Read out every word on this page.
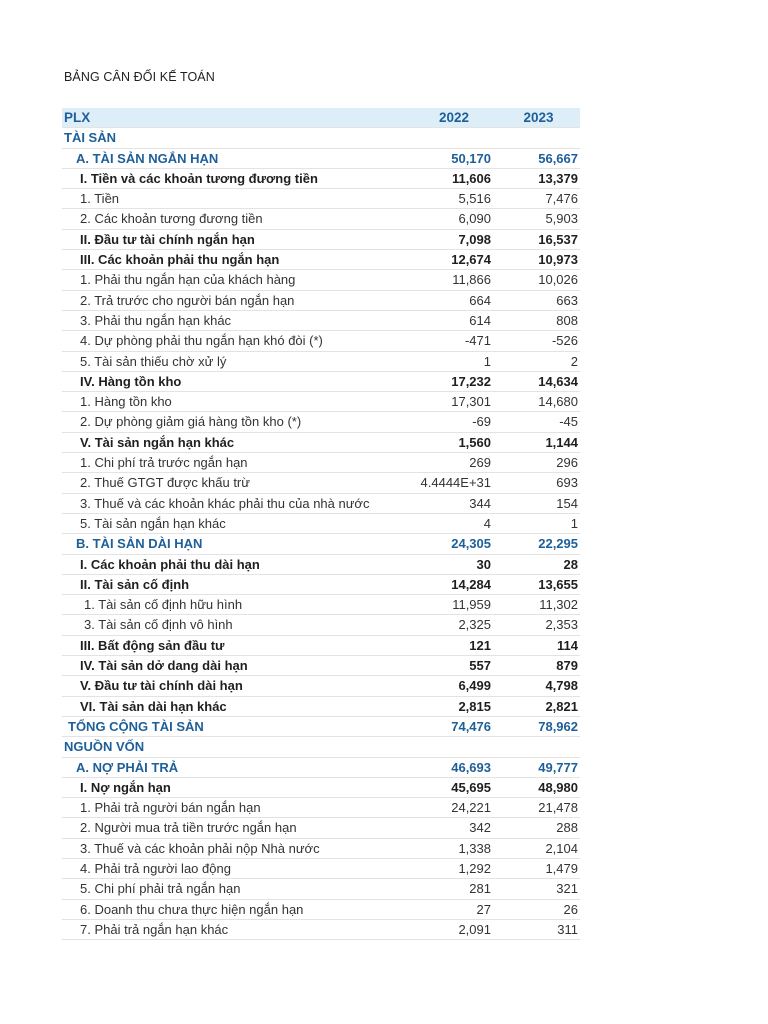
BẢNG CÂN ĐỐI KẾ TOÁN
PLX	2022	2023
TÀI SẢN
A. TÀI SẢN NGẮN HẠN	50,170	56,667
I. Tiền và các khoản tương đương tiền	11,606	13,379
1. Tiền	5,516	7,476
2. Các khoản tương đương tiền	6,090	5,903
II. Đầu tư tài chính ngắn hạn	7,098	16,537
III. Các khoản phải thu ngắn hạn	12,674	10,973
1. Phải thu ngắn hạn của khách hàng	11,866	10,026
2. Trả trước cho người bán ngắn hạn	664	663
3. Phải thu ngắn hạn khác	614	808
4. Dự phòng phải thu ngắn hạn khó đòi (*)	-471	-526
5. Tài sản thiếu chờ xử lý	1	2
IV. Hàng tồn kho	17,232	14,634
1. Hàng tồn kho	17,301	14,680
2. Dự phòng giảm giá hàng tồn kho (*)	-69	-45
V. Tài sản ngắn hạn khác	1,560	1,144
1. Chi phí trả trước ngắn hạn	269	296
2. Thuế GTGT được khấu trừ	4.4444E+31	693
3. Thuế và các khoản khác phải thu của nhà nước	344	154
5. Tài sản ngắn hạn khác	4	1
B. TÀI SẢN DÀI HẠN	24,305	22,295
I. Các khoản phải thu dài hạn	30	28
II. Tài sản cố định	14,284	13,655
1. Tài sản cố định hữu hình	11,959	11,302
3. Tài sản cố định vô hình	2,325	2,353
III. Bất động sản đầu tư	121	114
IV. Tài sản dở dang dài hạn	557	879
V. Đầu tư tài chính dài hạn	6,499	4,798
VI. Tài sản dài hạn khác	2,815	2,821
TỔNG CỘNG TÀI SẢN	74,476	78,962
NGUỒN VỐN
A. NỢ PHẢI TRẢ	46,693	49,777
I. Nợ ngắn hạn	45,695	48,980
1. Phải trả người bán ngắn hạn	24,221	21,478
2. Người mua trả tiền trước ngắn hạn	342	288
3. Thuế và các khoản phải nộp Nhà nước	1,338	2,104
4. Phải trả người lao động	1,292	1,479
5. Chi phí phải trả ngắn hạn	281	321
6. Doanh thu chưa thực hiện ngắn hạn	27	26
7. Phải trả ngắn hạn khác	2,091	311
